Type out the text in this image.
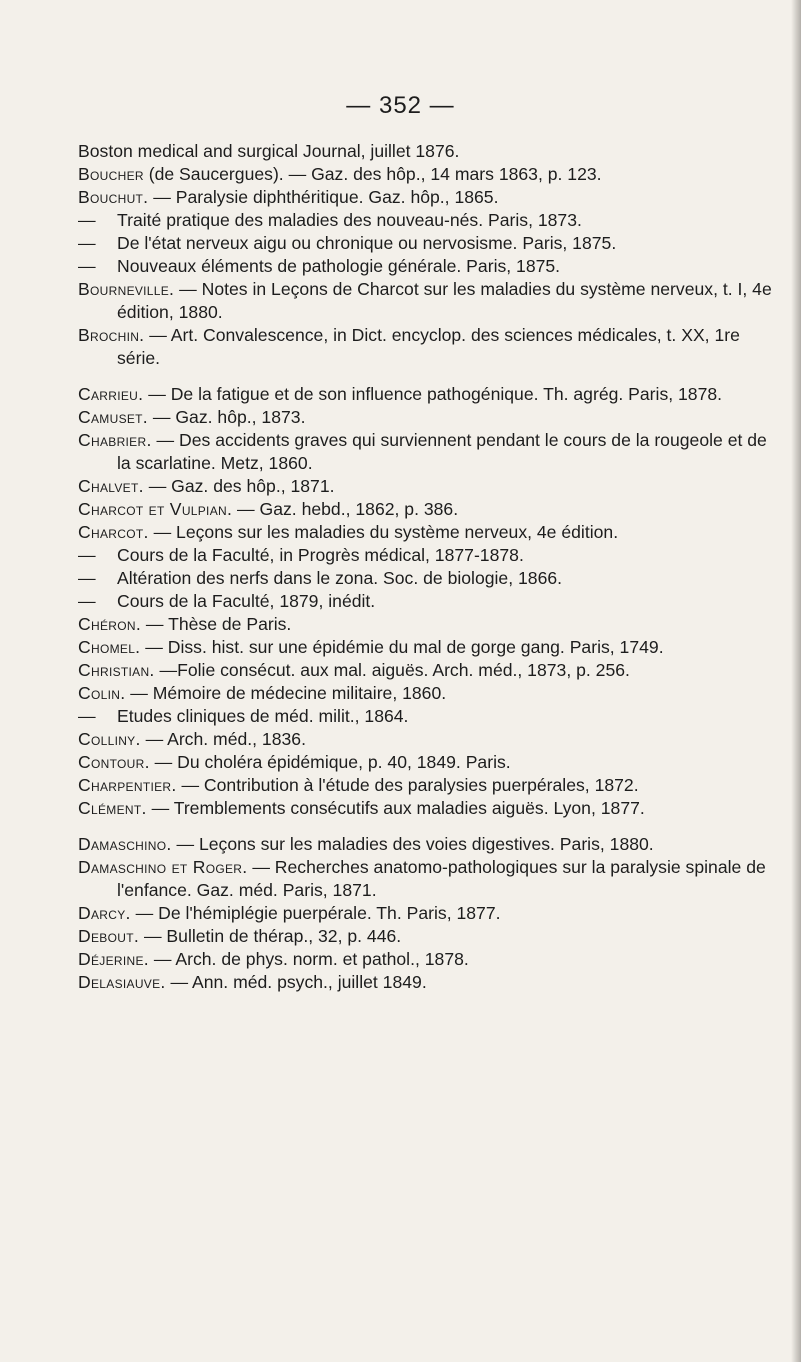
— 352 —

Boston medical and surgical Journal, juillet 1876.

Boucher (de Saucergues). — Gaz. des hôp., 14 mars 1863, p. 123.

Bouchut. — Paralysie diphthéritique. Gaz. hôp., 1865.

— Traité pratique des maladies des nouveau-nés. Paris, 1873.

— De l'état nerveux aigu ou chronique ou nervosisme. Paris, 1875.

— Nouveaux éléments de pathologie générale. Paris, 1875.

Bourneville. — Notes in Leçons de Charcot sur les maladies du système nerveux, t. I, 4e édition, 1880.

Brochin. — Art. Convalescence, in Dict. encyclop. des sciences médicales, t. XX, 1re série.

Carrieu. — De la fatigue et de son influence pathogénique. Th. agrég. Paris, 1878.

Camuset. — Gaz. hôp., 1873.

Chabrier. — Des accidents graves qui surviennent pendant le cours de la rougeole et de la scarlatine. Metz, 1860.

Chalvet. — Gaz. des hôp., 1871.

Charcot et Vulpian. — Gaz. hebd., 1862, p. 386.

Charcot. — Leçons sur les maladies du système nerveux, 4e édition.

— Cours de la Faculté, in Progrès médical, 1877-1878.

— Altération des nerfs dans le zona. Soc. de biologie, 1866.

— Cours de la Faculté, 1879, inédit.

Chéron. — Thèse de Paris.

Chomel. — Diss. hist. sur une épidémie du mal de gorge gang. Paris, 1749.

Christian. —Folie consécut. aux mal. aiguës. Arch. méd., 1873, p. 256.

Colin. — Mémoire de médecine militaire, 1860.

— Etudes cliniques de méd. milit., 1864.

Colliny. — Arch. méd., 1836.

Contour. — Du choléra épidémique, p. 40, 1849. Paris.

Charpentier. — Contribution à l'étude des paralysies puerpérales, 1872.

Clément. — Tremblements consécutifs aux maladies aiguës. Lyon, 1877.

Damaschino. — Leçons sur les maladies des voies digestives. Paris, 1880.

Damaschino et Roger. — Recherches anatomo-pathologiques sur la paralysie spinale de l'enfance. Gaz. méd. Paris, 1871.

Darcy. — De l'hémiplégie puerpérale. Th. Paris, 1877.

Debout. — Bulletin de thérap., 32, p. 446.

Déjerine. — Arch. de phys. norm. et pathol., 1878.

Delasiauve. — Ann. méd. psych., juillet 1849.
